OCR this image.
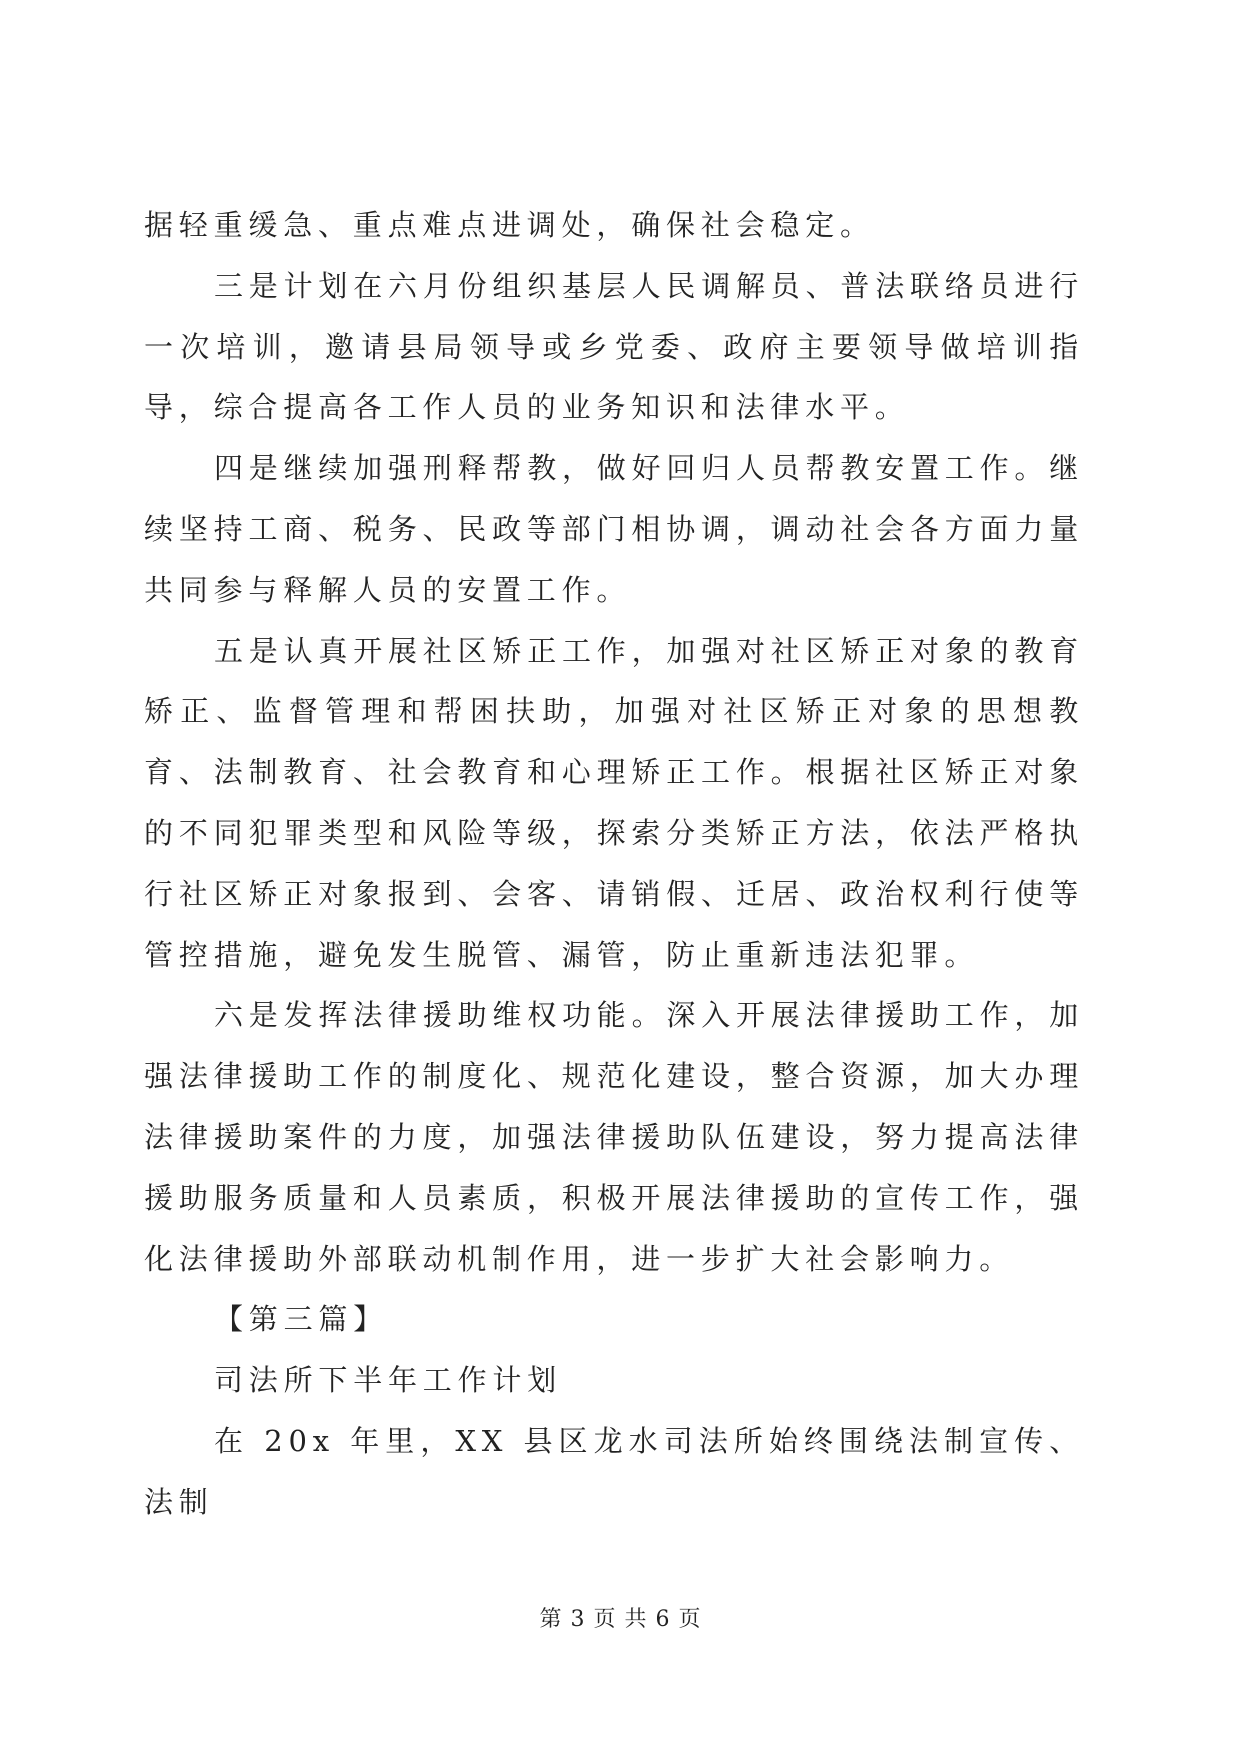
据轻重缓急、重点难点进调处，确保社会稳定。

三是计划在六月份组织基层人民调解员、普法联络员进行一次培训，邀请县局领导或乡党委、政府主要领导做培训指导，综合提高各工作人员的业务知识和法律水平。

四是继续加强刑释帮教，做好回归人员帮教安置工作。继续坚持工商、税务、民政等部门相协调，调动社会各方面力量共同参与释解人员的安置工作。

五是认真开展社区矫正工作，加强对社区矫正对象的教育矫正、监督管理和帮困扶助，加强对社区矫正对象的思想教育、法制教育、社会教育和心理矫正工作。根据社区矫正对象的不同犯罪类型和风险等级，探索分类矫正方法，依法严格执行社区矫正对象报到、会客、请销假、迁居、政治权利行使等管控措施，避免发生脱管、漏管，防止重新违法犯罪。

六是发挥法律援助维权功能。深入开展法律援助工作，加强法律援助工作的制度化、规范化建设，整合资源，加大办理法律援助案件的力度，加强法律援助队伍建设，努力提高法律援助服务质量和人员素质，积极开展法律援助的宣传工作，强化法律援助外部联动机制作用，进一步扩大社会影响力。

【第三篇】

司法所下半年工作计划

在 20x 年里，XX 县区龙水司法所始终围绕法制宣传、法制

第 3 页 共 6 页
